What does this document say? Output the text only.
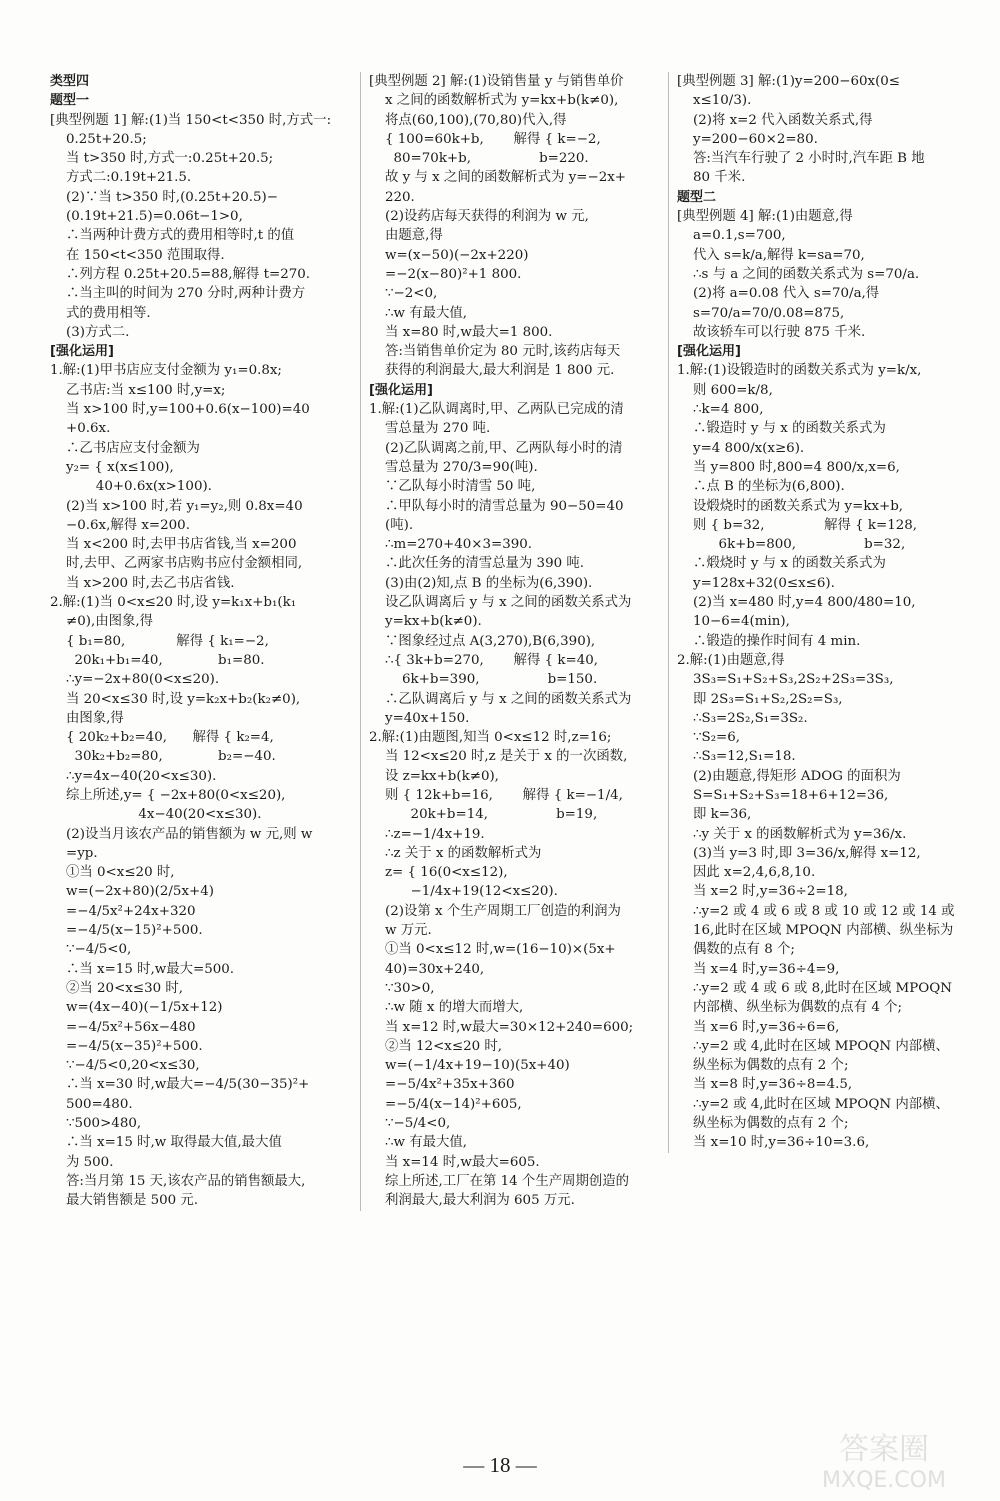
类型四
题型一
[典型例题 1] 解:(1)当 150<t<350 时,方式一:
0.25t+20.5;
当 t>350 时,方式一:0.25t+20.5;
方式二:0.19t+21.5.
(2)∵当 t>350 时,(0.25t+20.5)−
(0.19t+21.5)=0.06t−1>0,
∴当两种计费方式的费用相等时,t 的值
在 150<t<350 范围取得.
∴列方程 0.25t+20.5=88,解得 t=270.
∴当主叫的时间为 270 分时,两种计费方
式的费用相等.
(3)方式二.
[强化运用]
1.解:(1)甲书店应支付金额为 y₁=0.8x;
乙书店:当 x≤100 时,y=x;
当 x>100 时,y=100+0.6(x−100)=40
+0.6x.
∴乙书店应支付金额为
y₂= { x(x≤100),
40+0.6x(x>100).
(2)当 x>100 时,若 y₁=y₂,则 0.8x=40
−0.6x,解得 x=200.
当 x<200 时,去甲书店省钱,当 x=200
时,去甲、乙两家书店购书应付金额相同,
当 x>200 时,去乙书店省钱.
2.解:(1)当 0<x≤20 时,设 y=k₁x+b₁(k₁
≠0),由图象,得
{ b₁=80,            解得 { k₁=−2,
20k₁+b₁=40,             b₁=80.
∴y=−2x+80(0<x≤20).
当 20<x≤30 时,设 y=k₂x+b₂(k₂≠0),
由图象,得
{ 20k₂+b₂=40,      解得 { k₂=4,
30k₂+b₂=80,             b₂=−40.
∴y=4x−40(20<x≤30).
综上所述,y= { −2x+80(0<x≤20),
4x−40(20<x≤30).
(2)设当月该农产品的销售额为 w 元,则 w
=yp.
①当 0<x≤20 时,
w=(−2x+80)(2/5x+4)
=−4/5x²+24x+320
=−4/5(x−15)²+500.
∵−4/5<0,
∴当 x=15 时,w最大=500.
②当 20<x≤30 时,
w=(4x−40)(−1/5x+12)
=−4/5x²+56x−480
=−4/5(x−35)²+500.
∵−4/5<0,20<x≤30,
∴当 x=30 时,w最大=−4/5(30−35)²+
500=480.
∵500>480,
∴当 x=15 时,w 取得最大值,最大值
为 500.
答:当月第 15 天,该农产品的销售额最大,
最大销售额是 500 元.
[典型例题 2] 解:(1)设销售量 y 与销售单价
x 之间的函数解析式为 y=kx+b(k≠0),
将点(60,100),(70,80)代入,得
{ 100=60k+b,       解得 { k=−2,
80=70k+b,                b=220.
故 y 与 x 之间的函数解析式为 y=−2x+
220.
(2)设药店每天获得的利润为 w 元,
由题意,得
w=(x−50)(−2x+220)
=−2(x−80)²+1 800.
∵−2<0,
∴w 有最大值,
当 x=80 时,w最大=1 800.
答:当销售单价定为 80 元时,该药店每天
获得的利润最大,最大利润是 1 800 元.
[强化运用]
1.解:(1)乙队调离时,甲、乙两队已完成的清
雪总量为 270 吨.
(2)乙队调离之前,甲、乙两队每小时的清
雪总量为 270/3=90(吨).
∵乙队每小时清雪 50 吨,
∴甲队每小时的清雪总量为 90−50=40
(吨).
∴m=270+40×3=390.
∴此次任务的清雪总量为 390 吨.
(3)由(2)知,点 B 的坐标为(6,390).
设乙队调离后 y 与 x 之间的函数关系式为
y=kx+b(k≠0).
∵图象经过点 A(3,270),B(6,390),
∴{ 3k+b=270,       解得 { k=40,
6k+b=390,                b=150.
∴乙队调离后 y 与 x 之间的函数关系式为
y=40x+150.
2.解:(1)由题图,知当 0<x≤12 时,z=16;
当 12<x≤20 时,z 是关于 x 的一次函数,
设 z=kx+b(k≠0),
则 { 12k+b=16,       解得 { k=−1/4,
20k+b=14,                b=19,
∴z=−1/4x+19.
∴z 关于 x 的函数解析式为
z= { 16(0<x≤12),
−1/4x+19(12<x≤20).
(2)设第 x 个生产周期工厂创造的利润为
w 万元.
①当 0<x≤12 时,w=(16−10)×(5x+
40)=30x+240,
∵30>0,
∴w 随 x 的增大而增大,
当 x=12 时,w最大=30×12+240=600;
②当 12<x≤20 时,
w=(−1/4x+19−10)(5x+40)
=−5/4x²+35x+360
=−5/4(x−14)²+605,
∵−5/4<0,
∴w 有最大值,
当 x=14 时,w最大=605.
综上所述,工厂在第 14 个生产周期创造的
利润最大,最大利润为 605 万元.
[典型例题 3] 解:(1)y=200−60x(0≤
x≤10/3).
(2)将 x=2 代入函数关系式,得
y=200−60×2=80.
答:当汽车行驶了 2 小时时,汽车距 B 地
80 千米.
题型二
[典型例题 4] 解:(1)由题意,得
a=0.1,s=700,
代入 s=k/a,解得 k=sa=70,
∴s 与 a 之间的函数关系式为 s=70/a.
(2)将 a=0.08 代入 s=70/a,得
s=70/a=70/0.08=875,
故该轿车可以行驶 875 千米.
[强化运用]
1.解:(1)设锻造时的函数关系式为 y=k/x,
则 600=k/8,
∴k=4 800,
∴锻造时 y 与 x 的函数关系式为
y=4 800/x(x≥6).
当 y=800 时,800=4 800/x,x=6,
∴点 B 的坐标为(6,800).
设煅烧时的函数关系式为 y=kx+b,
则 { b=32,              解得 { k=128,
6k+b=800,                b=32,
∴煅烧时 y 与 x 的函数关系式为
y=128x+32(0≤x≤6).
(2)当 x=480 时,y=4 800/480=10,
10−6=4(min),
∴锻造的操作时间有 4 min.
2.解:(1)由题意,得
3S₃=S₁+S₂+S₃,2S₂+2S₃=3S₃,
即 2S₃=S₁+S₂,2S₂=S₃,
∴S₃=2S₂,S₁=3S₂.
∵S₂=6,
∴S₃=12,S₁=18.
(2)由题意,得矩形 ADOG 的面积为
S=S₁+S₂+S₃=18+6+12=36,
即 k=36,
∴y 关于 x 的函数解析式为 y=36/x.
(3)当 y=3 时,即 3=36/x,解得 x=12,
因此 x=2,4,6,8,10.
当 x=2 时,y=36÷2=18,
∴y=2 或 4 或 6 或 8 或 10 或 12 或 14 或
16,此时在区域 MPOQN 内部横、纵坐标为
偶数的点有 8 个;
当 x=4 时,y=36÷4=9,
∴y=2 或 4 或 6 或 8,此时在区域 MPOQN
内部横、纵坐标为偶数的点有 4 个;
当 x=6 时,y=36÷6=6,
∴y=2 或 4,此时在区域 MPOQN 内部横、
纵坐标为偶数的点有 2 个;
当 x=8 时,y=36÷8=4.5,
∴y=2 或 4,此时在区域 MPOQN 内部横、
纵坐标为偶数的点有 2 个;
当 x=10 时,y=36÷10=3.6,
— 18 —	答案圈
MXQE.COM
